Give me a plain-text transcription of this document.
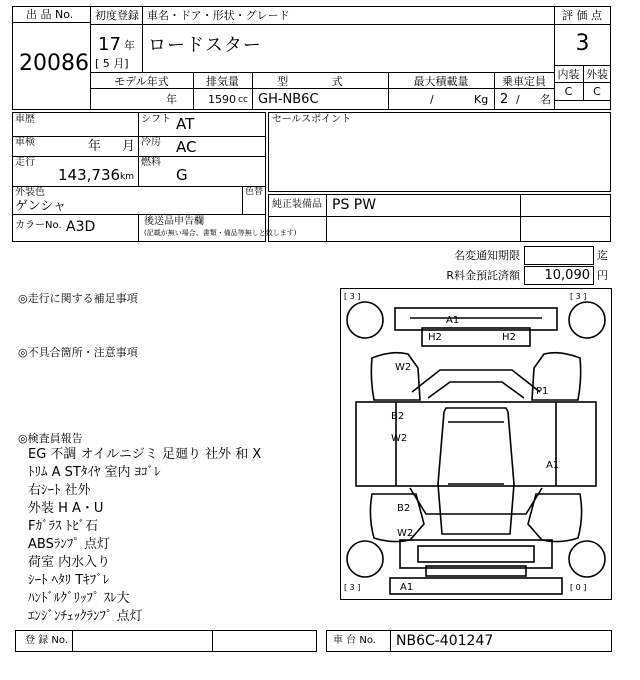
出 品 No.
20086
初度登録 車名・ドア・形状・グレード
17 年
[ 5 月]
ロードスター
評 価 点
3
内装 外装
C	C
モデル年式	排気量	型 式	最大積載量	乗車定員
年	1590 cc GH-NB6C	/	Kg 2 / 名
車歴	シフト AT
車検	年 月 冷房 AC
走行
143,736 km
燃料
G
外装色
ゲンシャ
色替
カラーNo. A3D	後送品申告欄
(記載が無い場合、書類・備品等無しと致します)
セールスポイント
純正装備品 PS PW
名変通知期限	迄
R料金預託済額	10,090 円
◎走行に関する補足事項
◎不具合箇所・注意事項
◎検査員報告
EG 不調 オイルニジミ 足廻り 社外 和 X
ﾄﾘﾑ A STﾀｲﾔ 室内 ﾖｺﾞﾚ
右ｼｰﾄ 社外
外装 H A・U
Fｶﾞﾗｽ ﾄﾋﾞ石
ABSﾗﾝﾌﾟ 点灯
荷室 内水入り
ｼｰﾄ ﾍﾀﾘ Tｷﾌﾞﾚ
ﾊﾝﾄﾞﾙｸﾞﾘｯﾌﾟ ｽﾚ大
ｴﾝｼﾞﾝﾁｪｯｸﾗﾝﾌﾟ 点灯
[ 3 ]	[ 3 ]
[ 3 ]	[ 0 ]
A1
H2	H2
W2
P1
B2
W2
A1
B2
W2
A1
登 録 No.	車 台 No. NB6C-401247
